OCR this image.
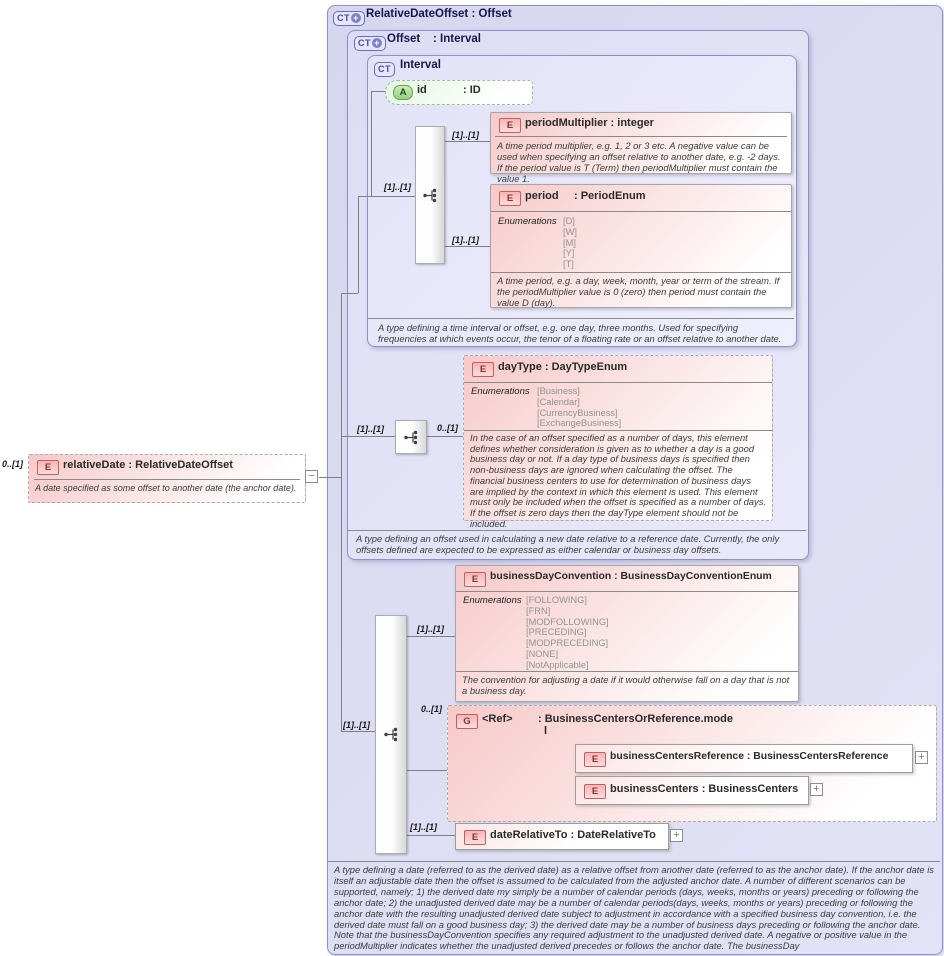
CT + RelativeDateOffset : Offset
CT + Offset : Interval
CT Interval
0..[1]
[1]..[1]
[1]..[1]
[1]..[1]
[1]..[1]	0..[1]
[1]..[1]
[1]..[1]
0..[1]
[1]..[1]
E	relativeDate : RelativeDateOffset
A date specified as some offset to another date (the anchor date).
−
A id	: ID
E	periodMultiplier : integer
A time period multiplier, e.g. 1, 2 or 3 etc. A negative value can be used when specifying an offset relative to another date, e.g. -2 days. If the period value is T (Term) then periodMultiplier must contain the value 1.
E	period : PeriodEnum
Enumerations [D]
[W]
[M]
[Y]
[T]
A time period, e.g. a day, week, month, year or term of the stream. If the periodMultiplier value is 0 (zero) then period must contain the value D (day).
A type defining a time interval or offset, e.g. one day, three months. Used for specifying frequencies at which events occur, the tenor of a floating rate or an offset relative to another date.
E	dayType : DayTypeEnum
Enumerations [Business]
[Calendar]
[CurrencyBusiness]
[ExchangeBusiness]
In the case of an offset specified as a number of days, this element defines whether consideration is given as to whether a day is a good business day or not. If a day type of business days is specified then non-business days are ignored when calculating the offset. The financial business centers to use for determination of business days are implied by the context in which this element is used. This element must only be included when the offset is specified as a number of days. If the offset is zero days then the dayType element should not be included.
A type defining an offset used in calculating a new date relative to a reference date. Currently, the only offsets defined are expected to be expressed as either calendar or business day offsets.
E	businessDayConvention : BusinessDayConventionEnum
Enumerations [FOLLOWING]
[FRN]
[MODFOLLOWING]
[PRECEDING]
[MODPRECEDING]
[NONE]
[NotApplicable]
The convention for adjusting a date if it would otherwise fall on a day that is not a business day.
G	<Ref> : BusinessCentersOrReference.mode
l
E	businessCentersReference : BusinessCentersReference	+
E	businessCenters : BusinessCenters +
E	dateRelativeTo : DateRelativeTo +
A type defining a date (referred to as the derived date) as a relative offset from another date (referred to as the anchor date). If the anchor date is itself an adjustable date then the offset is assumed to be calculated from the adjusted anchor date. A number of different scenarios can be supported, namely; 1) the derived date my simply be a number of calendar periods (days, weeks, months or years) preceding or following the anchor date; 2) the unadjusted derived date may be a number of calendar periods(days, weeks, months or years) preceding or following the anchor date with the resulting unadjusted derived date subject to adjustment in accordance with a specified business day convention, i.e. the derived date must fall on a good business day; 3) the derived date may be a number of business days preceding or following the anchor date. Note that the businessDayConvention specifies any required adjustment to the unadjusted derived date. A negative or positive value in the periodMultiplier indicates whether the unadjusted derived precedes or follows the anchor date. The businessDay
